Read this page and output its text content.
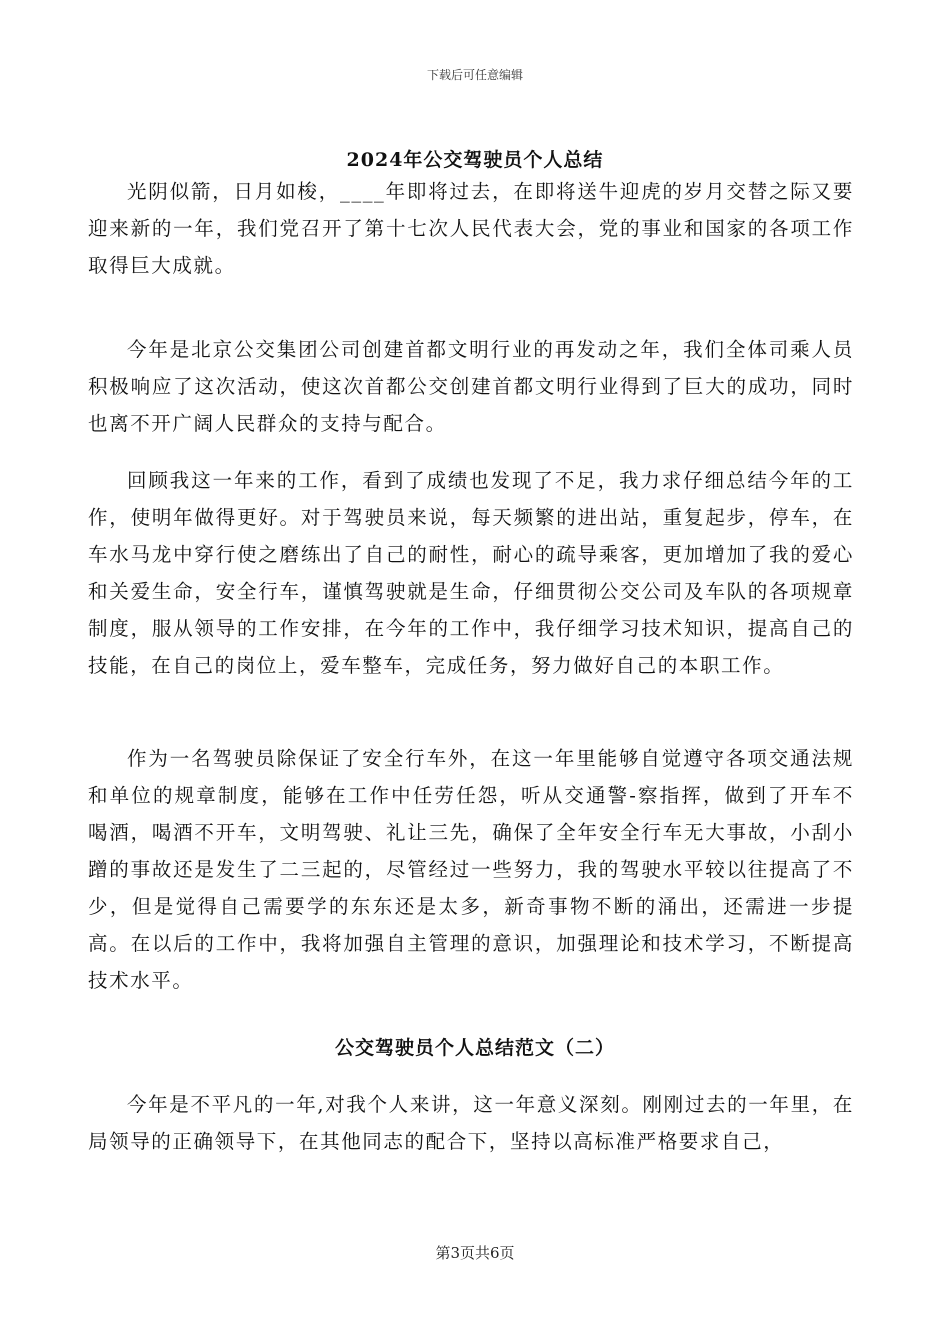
下载后可任意编辑
2024年公交驾驶员个人总结

光阴似箭，日月如梭，____年即将过去，在即将送牛迎虎的岁月交替之际又要迎来新的一年，我们党召开了第十七次人民代表大会，党的事业和国家的各项工作取得巨大成就。

今年是北京公交集团公司创建首都文明行业的再发动之年，我们全体司乘人员积极响应了这次活动，使这次首都公交创建首都文明行业得到了巨大的成功，同时也离不开广阔人民群众的支持与配合。

回顾我这一年来的工作，看到了成绩也发现了不足，我力求仔细总结今年的工作，使明年做得更好。对于驾驶员来说，每天频繁的进出站，重复起步，停车，在车水马龙中穿行使之磨练出了自己的耐性，耐心的疏导乘客，更加增加了我的爱心和关爱生命，安全行车，谨慎驾驶就是生命，仔细贯彻公交公司及车队的各项规章制度，服从领导的工作安排，在今年的工作中，我仔细学习技术知识，提高自己的技能，在自己的岗位上，爱车整车，完成任务，努力做好自己的本职工作。

作为一名驾驶员除保证了安全行车外，在这一年里能够自觉遵守各项交通法规和单位的规章制度，能够在工作中任劳任怨，听从交通警-察指挥，做到了开车不喝酒，喝酒不开车，文明驾驶、礼让三先，确保了全年安全行车无大事故，小刮小蹭的事故还是发生了二三起的，尽管经过一些努力，我的驾驶水平较以往提高了不少，但是觉得自己需要学的东东还是太多，新奇事物不断的涌出，还需进一步提高。在以后的工作中，我将加强自主管理的意识，加强理论和技术学习，不断提高技术水平。

公交驾驶员个人总结范文（二）

今年是不平凡的一年,对我个人来讲，这一年意义深刻。刚刚过去的一年里，在局领导的正确领导下，在其他同志的配合下，坚持以高标准严格要求自己，

第3页共6页
